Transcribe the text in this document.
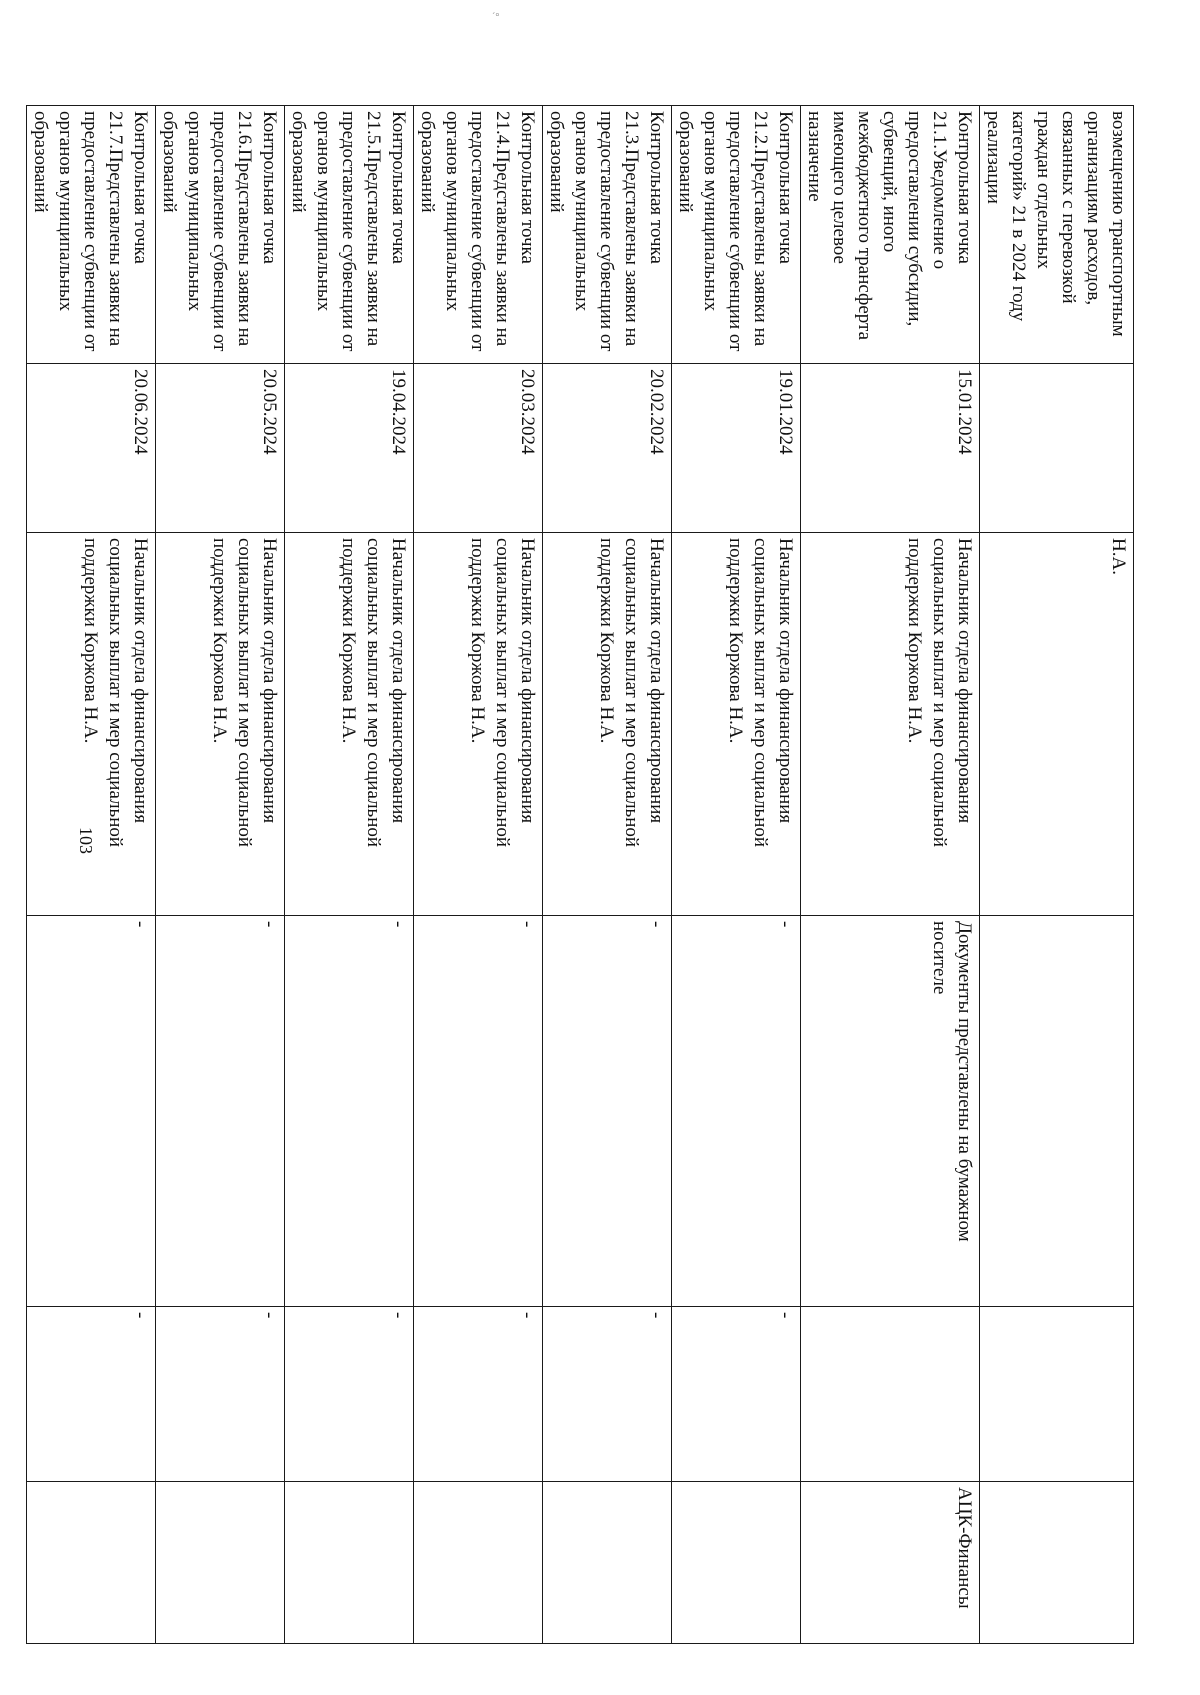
´°
103
возмещению транспортным организациям расходов, связанных с перевозкой граждан отдельных категорий» 21 в 2024 году реализации		Н.А.			
Контрольная точка 21.1.Уведомление о предоставлении субсидии, субвенций, иного межбюджетного трансферта имеющего целевое назначение	15.01.2024	Начальник отдела финансирования социальных выплат и мер социальной поддержки Коржова Н.А.	Документы представлены на бумажном носителе		АЦК-Финансы
Контрольная точка 21.2.Представлены заявки на предоставление субвенции от органов муниципальных образований	19.01.2024	Начальник отдела финансирования социальных выплат и мер социальной поддержки Коржова Н.А.	-	-	
Контрольная точка 21.3.Представлены заявки на предоставление субвенции от органов муниципальных образований	20.02.2024	Начальник отдела финансирования социальных выплат и мер социальной поддержки Коржова Н.А.	-	-	
Контрольная точка 21.4.Представлены заявки на предоставление субвенции от органов муниципальных образований	20.03.2024	Начальник отдела финансирования социальных выплат и мер социальной поддержки Коржова Н.А.	-	-	
Контрольная точка 21.5.Представлены заявки на предоставление субвенции от органов муниципальных образований	19.04.2024	Начальник отдела финансирования социальных выплат и мер социальной поддержки Коржова Н.А.	-	-	
Контрольная точка 21.6.Представлены заявки на предоставление субвенции от органов муниципальных образований	20.05.2024	Начальник отдела финансирования социальных выплат и мер социальной поддержки Коржова Н.А.	-	-	
Контрольная точка 21.7.Представлены заявки на предоставление субвенции от органов муниципальных образований	20.06.2024	Начальник отдела финансирования социальных выплат и мер социальной поддержки Коржова Н.А.	-	-	
